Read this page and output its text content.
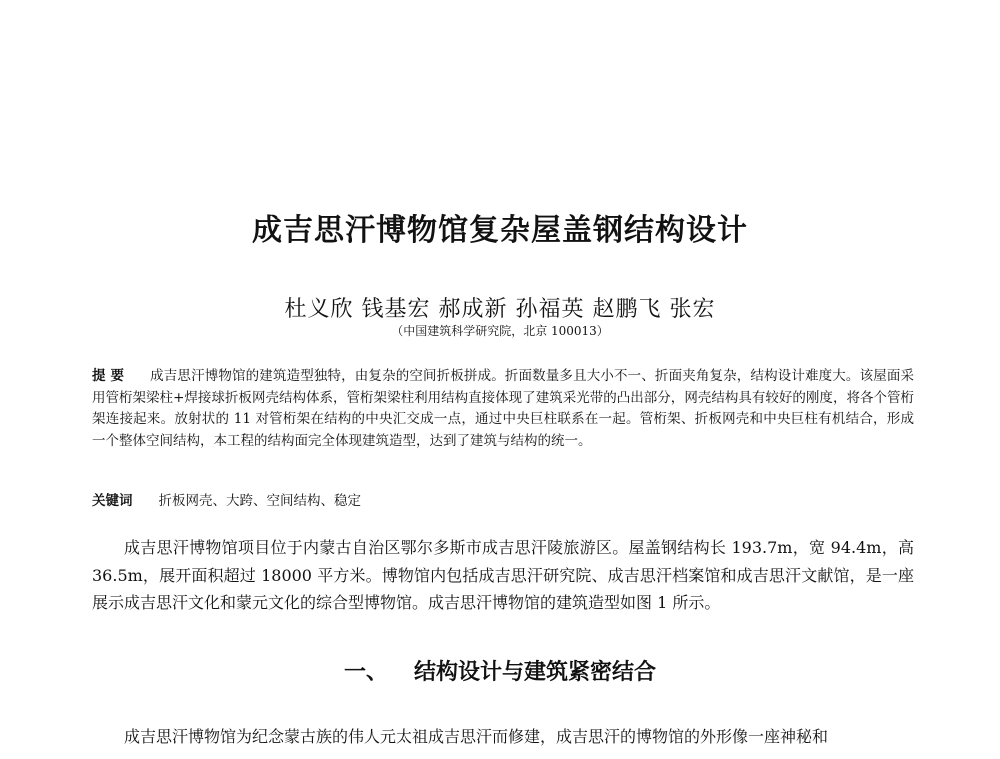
成吉思汗博物馆复杂屋盖钢结构设计
杜义欣 钱基宏 郝成新 孙福英 赵鹏飞 张宏
（中国建筑科学研究院，北京 100013）
提 要 成吉思汗博物馆的建筑造型独特，由复杂的空间折板拼成。折面数量多且大小不一、折面夹角复杂，结构设计难度大。该屋面采用管桁架梁柱+焊接球折板网壳结构体系，管桁架梁柱利用结构直接体现了建筑采光带的凸出部分，网壳结构具有较好的刚度，将各个管桁架连接起来。放射状的 11 对管桁架在结构的中央汇交成一点，通过中央巨柱联系在一起。管桁架、折板网壳和中央巨柱有机结合，形成一个整体空间结构，本工程的结构面完全体现建筑造型，达到了建筑与结构的统一。
关键词 折板网壳、大跨、空间结构、稳定
成吉思汗博物馆项目位于内蒙古自治区鄂尔多斯市成吉思汗陵旅游区。屋盖钢结构长 193.7m，宽 94.4m，高 36.5m，展开面积超过 18000 平方米。博物馆内包括成吉思汗研究院、成吉思汗档案馆和成吉思汗文献馆，是一座展示成吉思汗文化和蒙元文化的综合型博物馆。成吉思汗博物馆的建筑造型如图 1 所示。
一、 结构设计与建筑紧密结合
成吉思汗博物馆为纪念蒙古族的伟人元太祖成吉思汗而修建，成吉思汗的博物馆的外形像一座神秘和
